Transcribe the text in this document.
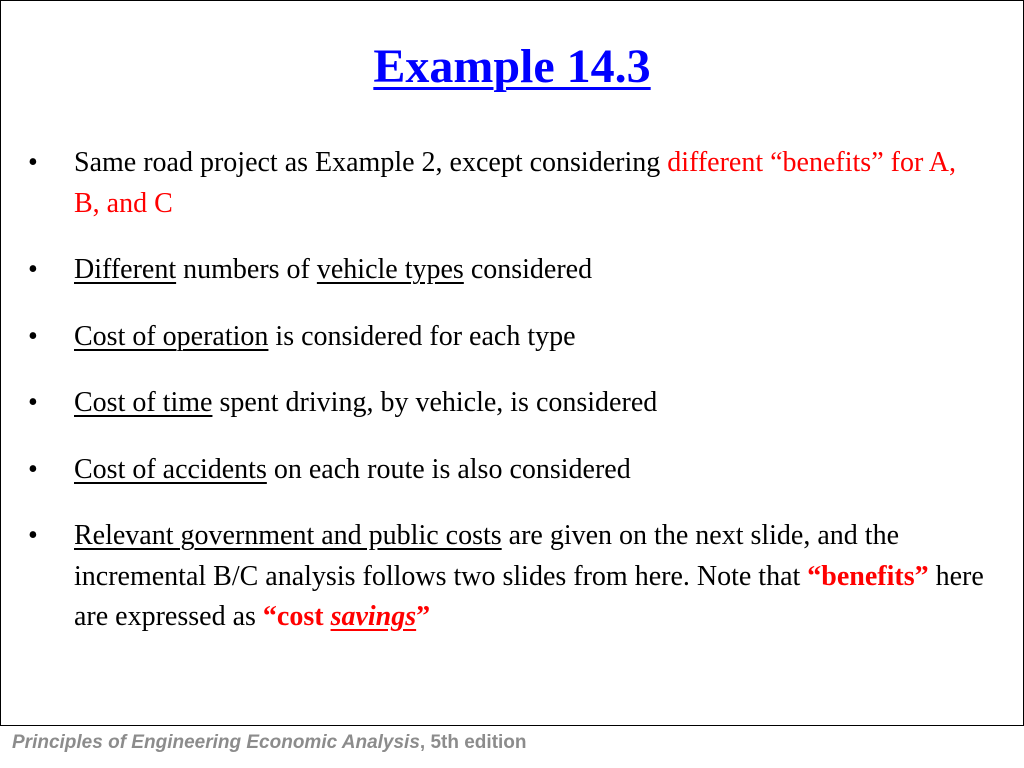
Example 14.3
•	Same road project as Example 2, except considering different “benefits” for A, B, and C
•	Different numbers of vehicle types considered
•	Cost of operation is considered for each type
•	Cost of time spent driving, by vehicle, is considered
•	Cost of accidents on each route is also considered
•	Relevant government and public costs are given on the next slide, and the incremental B/C analysis follows two slides from here. Note that “benefits” here are expressed as “cost savings”
Principles of Engineering Economic Analysis, 5th edition
